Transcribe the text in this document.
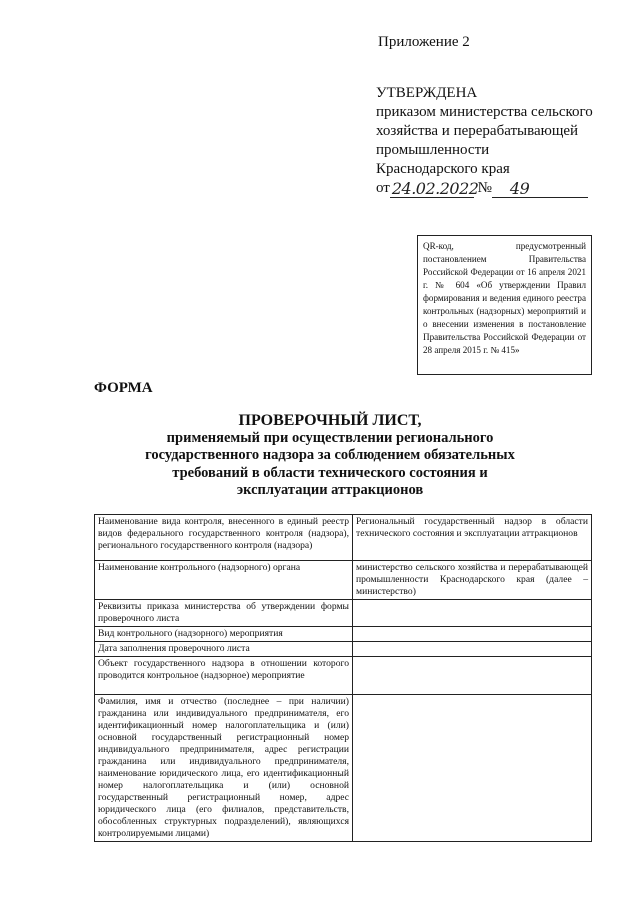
Приложение 2
УТВЕРЖДЕНА
приказом министерства сельского
хозяйства и перерабатывающей
промышленности
Краснодарского края
от 24.02.2022 № 49
QR-код, предусмотренный постановлением Правительства Российской Федерации от 16 апреля 2021 г. № 604 «Об утверждении Правил формирования и ведения единого реестра контрольных (надзорных) мероприятий и о внесении изменения в постановление Правительства Российской Федерации от 28 апреля 2015 г. № 415»
ФОРМА
ПРОВЕРОЧНЫЙ ЛИСТ,
применяемый при осуществлении регионального
государственного надзора за соблюдением обязательных
требований в области технического состояния и
эксплуатации аттракционов
Наименование вида контроля, внесенного в единый реестр видов федерального государственного контроля (надзора), регионального государственного контроля (надзора)	Региональный государственный надзор в области технического состояния и эксплуатации аттракционов
Наименование контрольного (надзорного) органа	министерство сельского хозяйства и перерабатывающей промышленности Краснодарского края (далее – министерство)
Реквизиты приказа министерства об утверждении формы проверочного листа	
Вид контрольного (надзорного) мероприятия	
Дата заполнения проверочного листа	
Объект государственного надзора в отношении которого проводится контрольное (надзорное) мероприятие	
Фамилия, имя и отчество (последнее – при наличии) гражданина или индивидуального предпринимателя, его идентификационный номер налогоплательщика и (или) основной государственный регистрационный номер индивидуального предпринимателя, адрес регистрации гражданина или индивидуального предпринимателя, наименование юридического лица, его идентификационный номер налогоплательщика и (или) основной государственный регистрационный номер, адрес юридического лица (его филиалов, представительств, обособленных структурных подразделений), являющихся контролируемыми лицами)	
